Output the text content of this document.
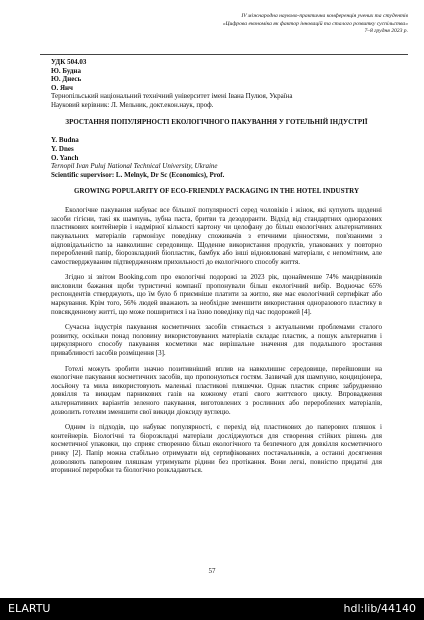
IV міжнародна науково-практична конференція учених та студентів
«Цифрова економіка як фактор інновацій та сталого розвитку суспільства»
7–8 грудня 2023 р.
УДК 504.03
Ю. Будна
Ю. Днесь
О. Янч
Тернопільський національний технічний університет імені Івана Пулюя, Україна
Науковий керівник: Л. Мельник, докт.екон.наук, проф.
ЗРОСТАННЯ ПОПУЛЯРНОСТІ ЕКОЛОГІЧНОГО ПАКУВАННЯ У ГОТЕЛЬНІЙ ІНДУСТРІЇ
Y. Budna
Y. Dnes
O. Yanch
Ternopil Ivan Puluj National Technical University, Ukraine
Scientific supervisor: L. Melnyk, Dr Sc (Economics), Prof.
GROWING POPULARITY OF ECO-FRIENDLY PACKAGING IN THE HOTEL INDUSTRY

Екологічне пакування набуває все більшої популярності серед чоловіків і жінок, які купують щоденні засоби гігієни, такі як шампунь, зубна паста, бритви та дезодоранти. Відхід від стандартних одноразових пластикових контейнерів і надмірної кількості картону чи целофану до більш екологічних альтернативних пакувальних матеріалів гармонізує поведінку споживачів з етичними цінностями, пов'язаними з відповідальністю за навколишнє середовище. Щоденне використання продуктів, упакованих у повторно перероблений папір, біорозкладний біопластик, бамбук або інші відновлювані матеріали, є непомітним, але самостверджуваним підтвердженням прихильності до екологічного способу життя.

Згідно зі звітом Booking.com про екологічні подорожі за 2023 рік, щонайменше 74% мандрівників висловили бажання щоби туристичні компанії пропонували більш екологічний вибір. Водночас 65% респондентів стверджують, що їм було б приємніше платити за житло, яке має екологічний сертифікат або маркування. Крім того, 56% людей вважають за необхідне зменшити використання одноразового пластику в повсякденному житті, що може поширитися і на їхню поведінку під час подорожей [4].

Сучасна індустрія пакування косметичних засобів стикається з актуальними проблемами сталого розвитку, оскільки понад половину використовуваних матеріалів складає пластик, а пошук альтернатив і циркулярного способу пакування косметики має вирішальне значення для подальшого зростання привабливості засобів розміщення [3].

Готелі можуть зробити значно позитивніший вплив на навколишнє середовище, перейшовши на екологічне пакування косметичних засобів, що пропонуються гостям. Зазвичай для шампуню, кондиціонера, лосьйону та мила використовують маленькі пластикові пляшечки. Однак пластик сприяє забрудненню довкілля та викидам парникових газів на кожному етапі свого життєвого циклу. Впровадження альтернативних варіантів зеленого пакування, виготовлених з рослинних або перероблених матеріалів, дозволить готелям зменшити свої викиди діоксиду вуглецю.

Одним із підходів, що набуває популярності, є перехід від пластикових до паперових пляшок і контейнерів. Біологічні та біорозкладні матеріали досліджуються для створення стійких рішень для косметичної упаковки, що сприяє створенню більш екологічного та безпечного для довкілля косметичного ринку [2]. Папір можна стабільно отримувати від сертифікованих постачальників, а останні досягнення дозволяють паперовим пляшкам утримувати рідини без протікання. Вони легкі, повністю придатні для вторинної переробки та біологічно розкладаються.

57
ELARTU	hdl:lib/44140
